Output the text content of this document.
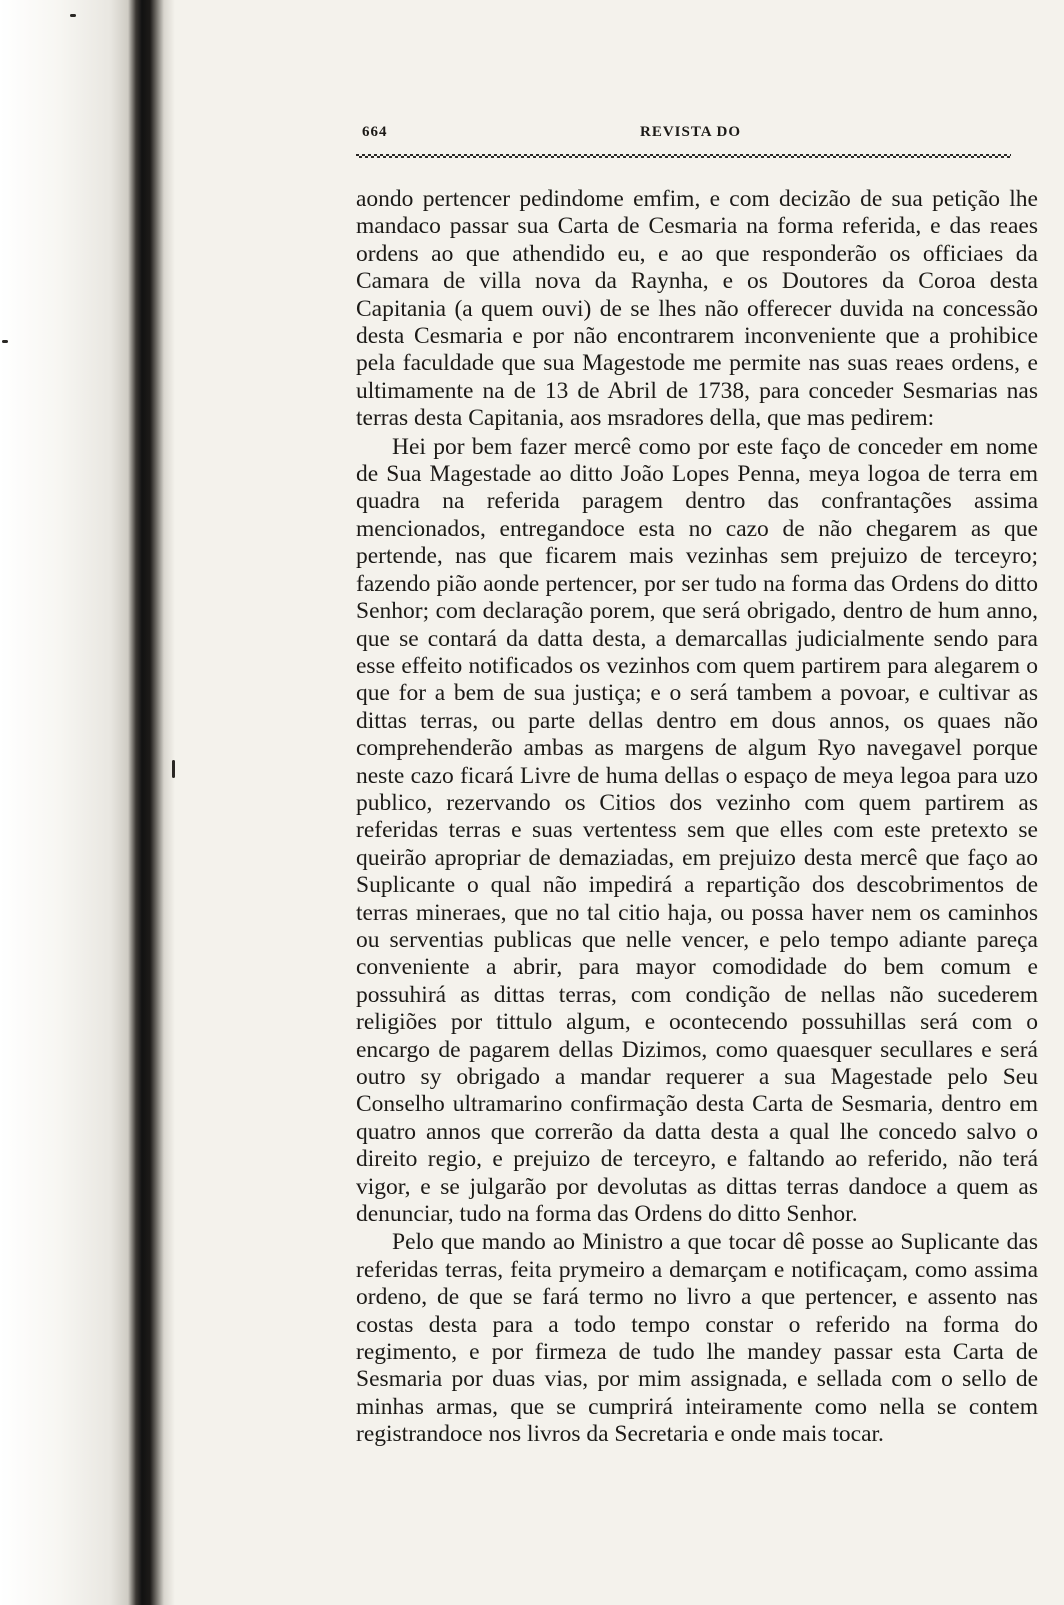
664	REVISTA DO

aondo pertencer pedindome emfim, e com decizão de sua petição lhe mandaco passar sua Carta de Cesmaria na forma referida, e das reaes ordens ao que athendido eu, e ao que responderão os officiaes da Camara de villa nova da Raynha, e os Doutores da Coroa desta Capitania (a quem ouvi) de se lhes não offerecer duvida na concessão desta Cesmaria e por não encontrarem inconveniente que a prohibice pela faculdade que sua Magestode me permite nas suas reaes ordens, e ultimamente na de 13 de Abril de 1738, para conceder Sesmarias nas terras desta Capitania, aos msradores della, que mas pedirem:

Hei por bem fazer mercê como por este faço de conceder em nome de Sua Magestade ao ditto João Lopes Penna, meya logoa de terra em quadra na referida paragem dentro das confrantações assima mencionados, entregandoce esta no cazo de não chegarem as que pertende, nas que ficarem mais vezinhas sem prejuizo de terceyro; fazendo pião aonde pertencer, por ser tudo na forma das Ordens do ditto Senhor; com declaração porem, que será obrigado, dentro de hum anno, que se contará da datta desta, a demarcallas judicialmente sendo para esse effeito notificados os vezinhos com quem partirem para alegarem o que for a bem de sua justiça; e o será tambem a povoar, e cultivar as dittas terras, ou parte dellas dentro em dous annos, os quaes não comprehenderão ambas as margens de algum Ryo navegavel porque neste cazo ficará Livre de huma dellas o espaço de meya legoa para uzo publico, rezervando os Citios dos vezinho com quem partirem as referidas terras e suas vertentess sem que elles com este pretexto se queirão apropriar de demaziadas, em prejuizo desta mercê que faço ao Suplicante o qual não impedirá a repartição dos descobrimentos de terras mineraes, que no tal citio haja, ou possa haver nem os caminhos ou serventias publicas que nelle vencer, e pelo tempo adiante pareça conveniente a abrir, para mayor comodidade do bem comum e possuhirá as dittas terras, com condição de nellas não sucederem religiões por tittulo algum, e ocontecendo possuhillas será com o encargo de pagarem dellas Dizimos, como quaesquer secullares e será outro sy obrigado a mandar requerer a sua Magestade pelo Seu Conselho ultramarino confirmação desta Carta de Sesmaria, dentro em quatro annos que correrão da datta desta a qual lhe concedo salvo o direito regio, e prejuizo de terceyro, e faltando ao referido, não terá vigor, e se julgarão por devolutas as dittas terras dandoce a quem as denunciar, tudo na forma das Ordens do ditto Senhor.

Pelo que mando ao Ministro a que tocar dê posse ao Suplicante das referidas terras, feita prymeiro a demarçam e notificaçam, como assima ordeno, de que se fará termo no livro a que pertencer, e assento nas costas desta para a todo tempo constar o referido na forma do regimento, e por firmeza de tudo lhe mandey passar esta Carta de Sesmaria por duas vias, por mim assignada, e sellada com o sello de minhas armas, que se cumprirá inteiramente como nella se contem registrandoce nos livros da Secretaria e onde mais tocar.
